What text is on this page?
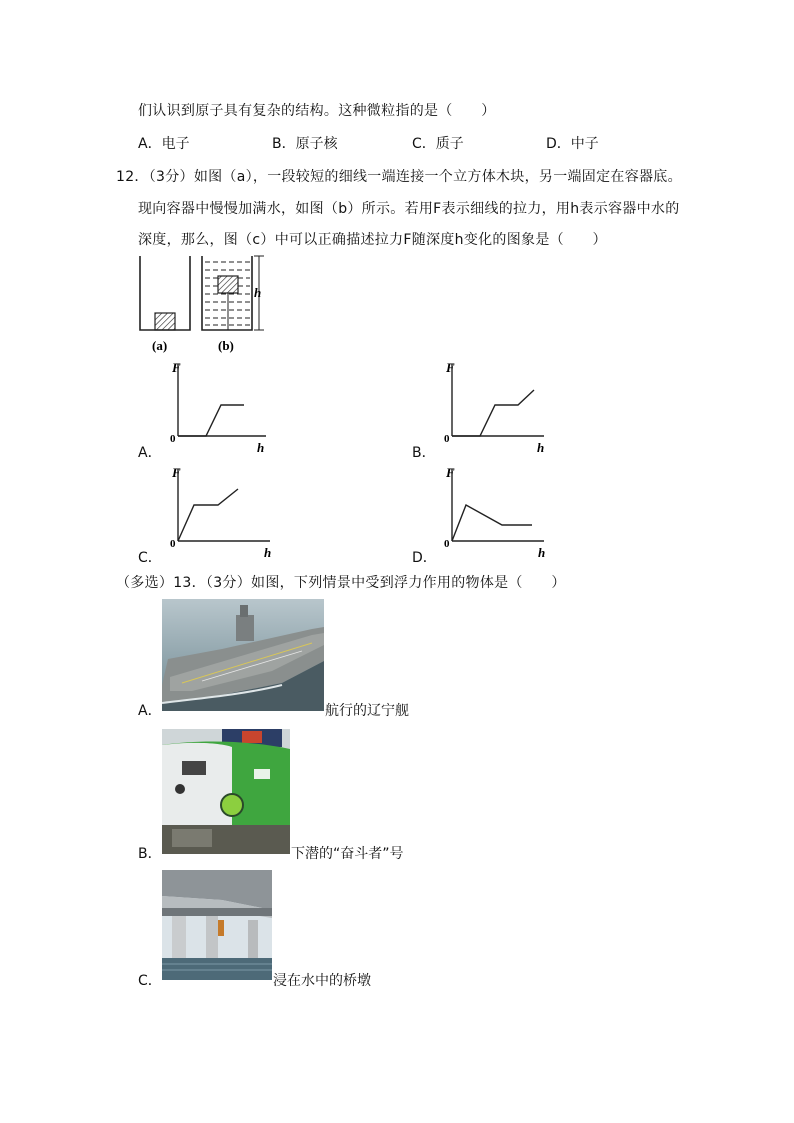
们认识到原子具有复杂的结构。这种微粒指的是（　　）
A．电子	B．原子核	C．质子	D．中子
12．（3分）如图（a），一段较短的细线一端连接一个立方体木块，另一端固定在容器底。
现向容器中慢慢加满水，如图（b）所示。若用F表示细线的拉力，用h表示容器中水的
深度，那么，图（c）中可以正确描述拉力F随深度h变化的图象是（　　）
(a)
h
(b)
A．	B．
C．	D．
F
h
0
F
h
0
F
h
0
F
h
0
（多选）13．（3分）如图，下列情景中受到浮力作用的物体是（　　）
A．	航行的辽宁舰
B．	下潜的“奋斗者”号
C．	浸在水中的桥墩
